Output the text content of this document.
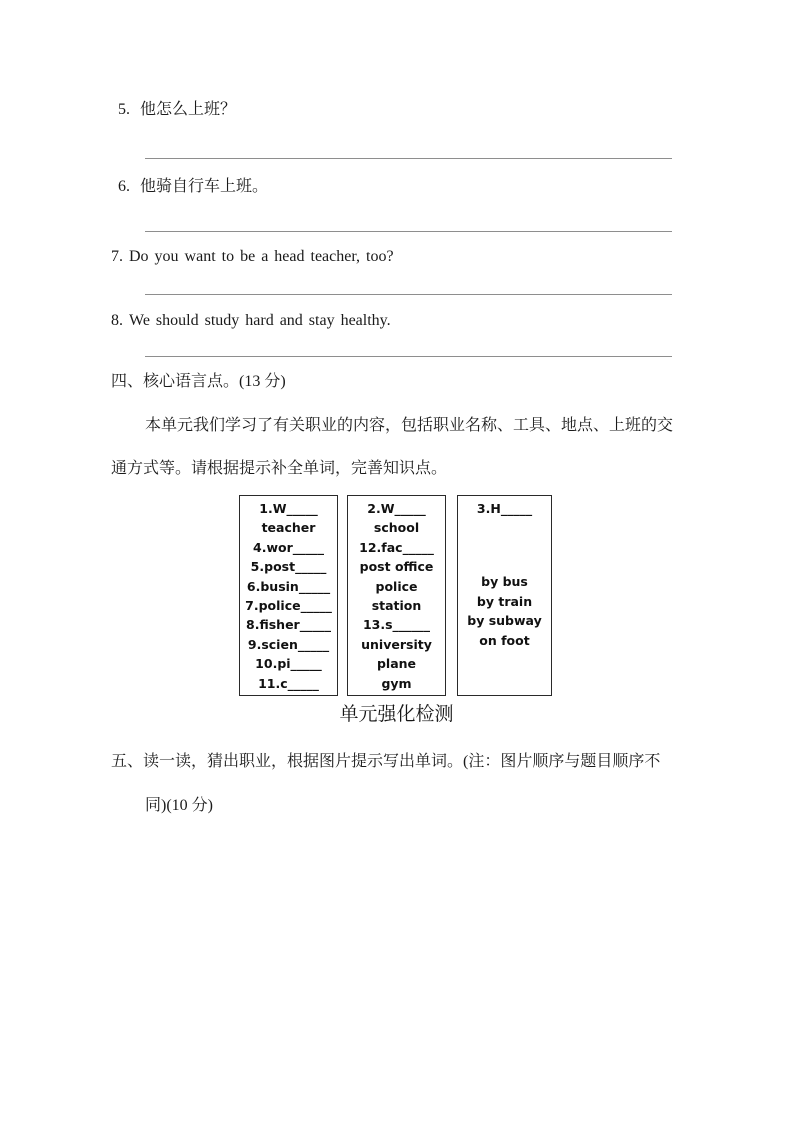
5. 他怎么上班？
6. 他骑自行车上班。
7. Do you want to be a head teacher, too?
8. We should study hard and stay healthy.
四、核心语言点。(13 分)
本单元我们学习了有关职业的内容，包括职业名称、工具、地点、上班的交
通方式等。请根据提示补全单词，完善知识点。
1.W_____
teacher
4.wor_____
5.post_____
6.busin_____
7.police_____
8.fisher_____
9.scien_____
10.pi_____
11.c_____
2.W_____
school
12.fac_____
post office
police
station
13.s______
university
plane
gym
3.H_____
by bus
by train
by subway
on foot
单元强化检测
五、读一读，猜出职业，根据图片提示写出单词。(注：图片顺序与题目顺序不
同)(10 分)
